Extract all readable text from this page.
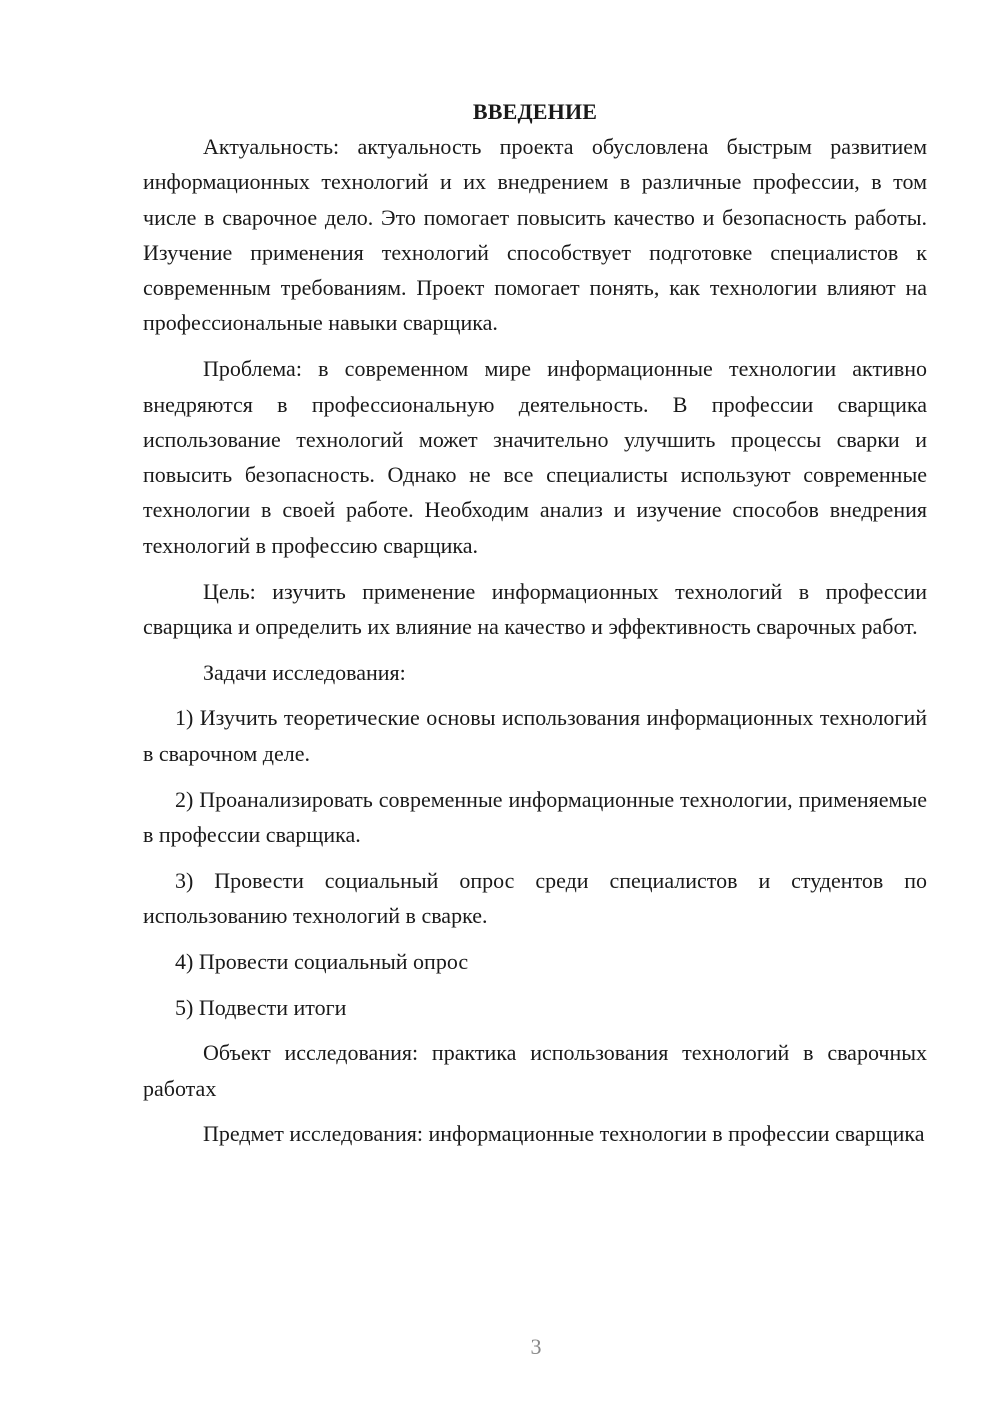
ВВЕДЕНИЕ

Актуальность: актуальность проекта обусловлена быстрым развитием информационных технологий и их внедрением в различные профессии, в том числе в сварочное дело. Это помогает повысить качество и безопасность работы. Изучение применения технологий способствует подготовке специалистов к современным требованиям. Проект помогает понять, как технологии влияют на профессиональные навыки сварщика.

Проблема: в современном мире информационные технологии активно внедряются в профессиональную деятельность. В профессии сварщика использование технологий может значительно улучшить процессы сварки и повысить безопасность. Однако не все специалисты используют современные технологии в своей работе. Необходим анализ и изучение способов внедрения технологий в профессию сварщика.

Цель: изучить применение информационных технологий в профессии сварщика и определить их влияние на качество и эффективность сварочных работ.

Задачи исследования:

1) Изучить теоретические основы использования информационных технологий в сварочном деле.

2) Проанализировать современные информационные технологии, применяемые в профессии сварщика.

3) Провести социальный опрос среди специалистов и студентов по использованию технологий в сварке.

4) Провести социальный опрос

5) Подвести итоги

Объект исследования: практика использования технологий в сварочных работах

Предмет исследования: информационные технологии в профессии сварщика

3
